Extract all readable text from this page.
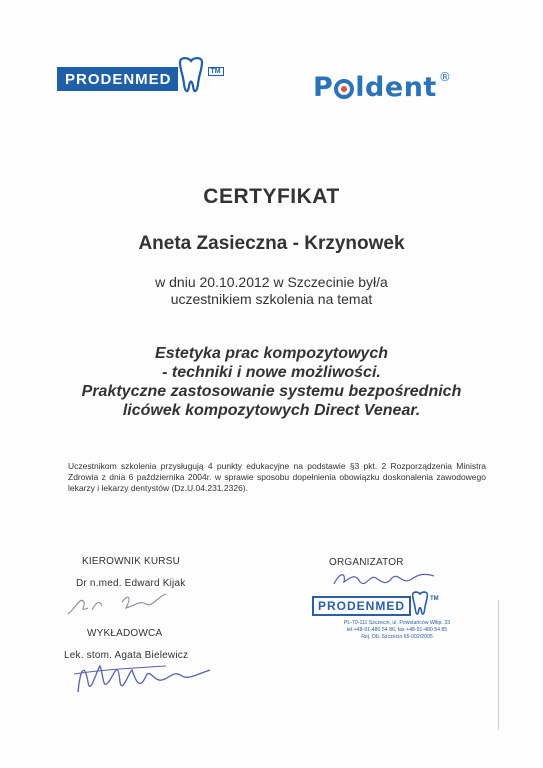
PRODENMED	TM
P ldent ®
CERTYFIKAT
Aneta Zasieczna - Krzynowek
w dniu 20.10.2012 w Szczecinie był/a
uczestnikiem szkolenia na temat
Estetyka prac kompozytowych
- techniki i nowe możliwości.
Praktyczne zastosowanie systemu bezpośrednich
licówek kompozytowych Direct Venear.
Uczestnikom szkolenia przysługują 4 punkty edukacyjne na podstawie §3 pkt. 2 Rozporządzenia Ministra Zdrowia z dnia 6 października 2004r. w sprawie sposobu dopełnienia obowiązku doskonalenia zawodowego lekarzy i lekarzy dentystów (Dz.U.04.231.2326).
KIEROWNIK KURSU
Dr n.med. Edward Kijak
WYKŁADOWCA
Lek. stom. Agata Bielewicz
ORGANIZATOR
PRODENMED	TM
PL-70-111 Szczecin, ul. Powstańców Wlkp. 33
tel.+48-91-480 54 86, fax +48-91-480 54 85
Rej. OIL Szczecin 65-002/2005
